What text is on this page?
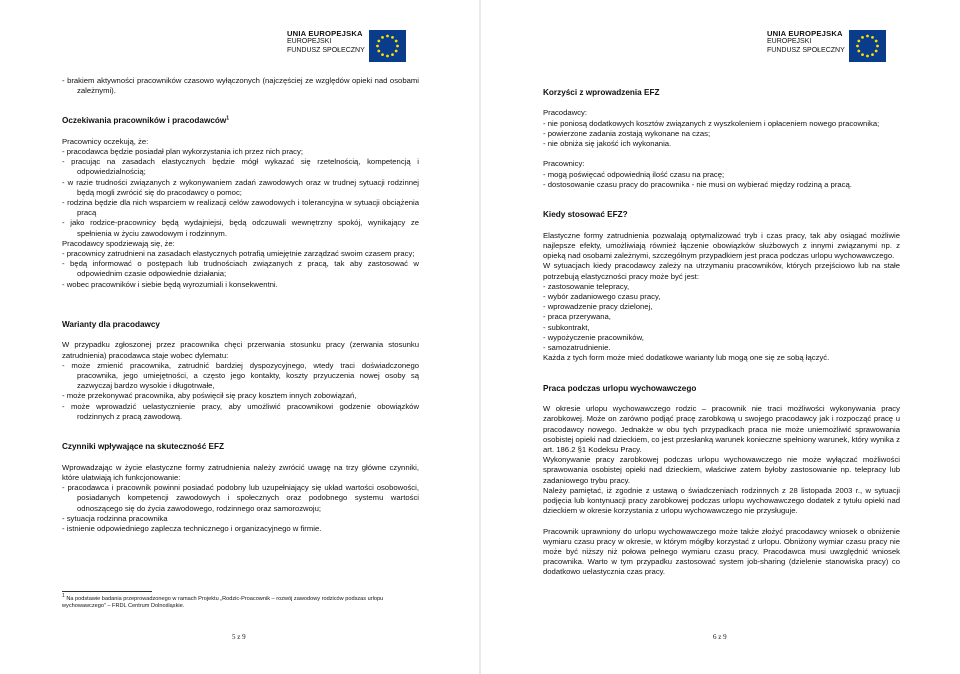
UNIA EUROPEJSKA
EUROPEJSKI
FUNDUSZ SPOŁECZNY

- brakiem aktywności pracowników czasowo wyłączonych (najczęściej ze względów opieki nad osobami zależnymi).

Oczekiwania pracowników i pracodawców$^1$

Pracownicy oczekują, że:

- pracodawca będzie posiadał plan wykorzystania ich przez nich pracy;

- pracując na zasadach elastycznych będzie mógł wykazać się rzetelnością, kompetencją i odpowiedzialnością;

- w razie trudności związanych z wykonywaniem zadań zawodowych oraz w trudnej sytuacji rodzinnej będą mogli zwrócić się do pracodawcy o pomoc;

- rodzina będzie dla nich wsparciem w realizacji celów zawodowych i tolerancyjna w sytuacji obciążenia pracą

- jako rodzice-pracownicy będą wydajniejsi, będą odczuwali wewnętrzny spokój, wynikający ze spełnienia w życiu zawodowym i rodzinnym.

Pracodawcy spodziewają się, że:

- pracownicy zatrudnieni na zasadach elastycznych potrafią umiejętnie zarządzać swoim czasem pracy;

- będą informować o postępach lub trudnościach związanych z pracą, tak aby zastosować w odpowiednim czasie odpowiednie działania;

- wobec pracowników i siebie będą wyrozumiali i konsekwentni.

Warianty dla pracodawcy

W przypadku zgłoszonej przez pracownika chęci przerwania stosunku pracy (zerwania stosunku zatrudnienia) pracodawca staje wobec dylematu:

- może zmienić pracownika, zatrudnić bardziej dyspozycyjnego, wtedy traci doświadczonego pracownika, jego umiejętności, a często jego kontakty, koszty przyuczenia nowej osoby są zazwyczaj bardzo wysokie i długotrwałe,

- może przekonywać pracownika, aby poświęcił się pracy kosztem innych zobowiązań,

- może wprowadzić uelastycznienie pracy, aby umożliwić pracownikowi godzenie obowiązków rodzinnych z pracą zawodową.

Czynniki wpływające na skuteczność EFZ

Wprowadzając w życie elastyczne formy zatrudnienia należy zwrócić uwagę na trzy główne czynniki, które ułatwiają ich funkcjonowanie:

- pracodawca i pracownik powinni posiadać podobny lub uzupełniający się układ wartości osobowości, posiadanych kompetencji zawodowych i społecznych oraz podobnego systemu wartości odnoszącego się do życia zawodowego, rodzinnego oraz samorozwoju;

- sytuacja rodzinna pracownika

- istnienie odpowiedniego zaplecza technicznego i organizacyjnego w firmie.

$^1$ Na podstawie badania przeprowadzonego w ramach Projektu „Rodzic-Proacownik – rozwój zawodowy rodziców podszas urlopu wychowawczego” – FRDL Centrum Dolnośląskie.
5 z 9
UNIA EUROPEJSKA
EUROPEJSKI
FUNDUSZ SPOŁECZNY

Korzyści z wprowadzenia EFZ

Pracodawcy:

- nie poniosą dodatkowych kosztów związanych z wyszkoleniem i opłaceniem nowego pracownika;

- powierzone zadania zostają wykonane na czas;

- nie obniża się jakość ich wykonania.

Pracownicy:

- mogą poświęcać odpowiednią ilość czasu na pracę;

- dostosowanie czasu pracy do pracownika - nie musi on wybierać między rodziną a pracą.

Kiedy stosować EFZ?

Elastyczne formy zatrudnienia pozwalają optymalizować tryb i czas pracy, tak aby osiągać możliwie najlepsze efekty, umożliwiają również łączenie obowiązków służbowych z innymi związanymi np. z opieką nad osobami zależnymi, szczególnym przypadkiem jest praca podczas urlopu wychowawczego.

W sytuacjach kiedy pracodawcy zależy na utrzymaniu pracowników, których przejściowo lub na stałe potrzebują elastyczności pracy może być jest:

- zastosowanie telepracy,

- wybór zadaniowego czasu pracy,

- wprowadzenie pracy dzielonej,

- praca przerywana,

- subkontrakt,

- wypożyczenie pracowników,

- samozatrudnienie.

Każda z tych form może mieć dodatkowe warianty lub mogą one się ze sobą łączyć.

Praca podczas urlopu wychowawczego

W okresie urlopu wychowawczego rodzic – pracownik nie traci możliwości wykonywania pracy zarobkowej. Może on zarówno podjąć pracę zarobkową u swojego pracodawcy jak i rozpocząć pracę u pracodawcy nowego. Jednakże w obu tych przypadkach praca nie może uniemożliwić sprawowania osobistej opieki nad dzieckiem, co jest przesłanką warunek konieczne spełniony warunek, który wynika z art. 186.2 §1 Kodeksu Pracy.

Wykonywanie pracy zarobkowej podczas urlopu wychowawczego nie może wyłączać możliwości sprawowania osobistej opieki nad dzieckiem, właściwe zatem byłoby zastosowanie np. telepracy lub zadaniowego trybu pracy.

Należy pamiętać, iż zgodnie z ustawą o świadczeniach rodzinnych z 28 listopada 2003 r., w sytuacji podjęcia lub kontynuacji pracy zarobkowej podczas urlopu wychowawczego dodatek z tytułu opieki nad dzieckiem w okresie korzystania z urlopu wychowawczego nie przysługuje.

Pracownik uprawniony do urlopu wychowawczego może także złożyć pracodawcy wniosek o obniżenie wymiaru czasu pracy w okresie, w którym mógłby korzystać z urlopu. Obniżony wymiar czasu pracy nie może być niższy niż połowa pełnego wymiaru czasu pracy. Pracodawca musi uwzględnić wniosek pracownika. Warto w tym przypadku zastosować system job-sharing (dzielenie stanowiska pracy) co dodatkowo uelastycznia czas pracy.

6 z 9
